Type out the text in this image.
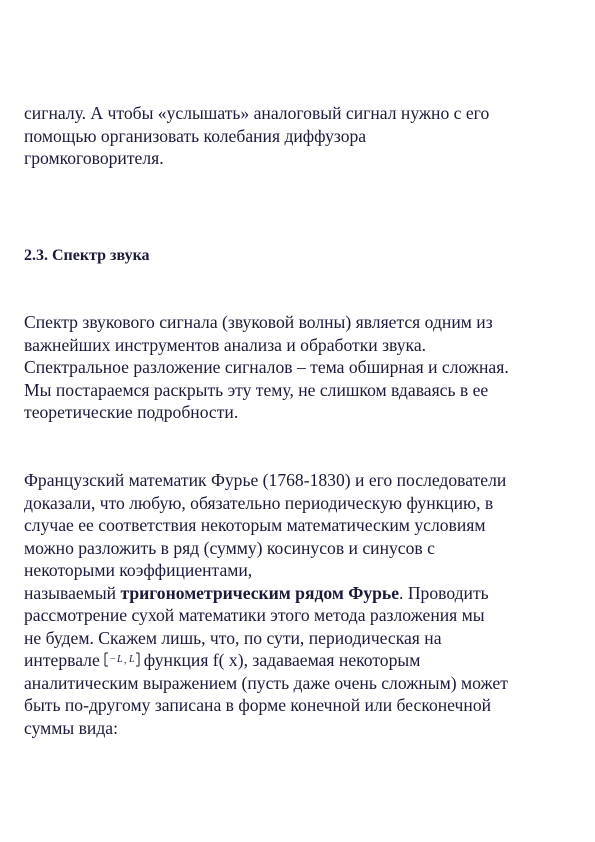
сигналу. А чтобы «услышать» аналоговый сигнал нужно с его
помощью организовать колебания диффузора
громкоговорителя.
2.3. Спектр звука
Спектр звукового сигнала (звуковой волны) является одним из
важнейших инструментов анализа и обработки звука.
Спектральное разложение сигналов – тема обширная и сложная.
Мы постараемся раскрыть эту тему, не слишком вдаваясь в ее
теоретические подробности.
Французский математик Фурье (1768-1830) и его последователи
доказали, что любую, обязательно периодическую функцию, в
случае ее соответствия некоторым математическим условиям
можно разложить в ряд (сумму) косинусов и синусов с
некоторыми коэффициентами,
называемый тригонометрическим рядом Фурье. Проводить
рассмотрение сухой математики этого метода разложения мы
не будем. Скажем лишь, что, по сути, периодическая на
интервале − L , L функция f( x), задаваемая некоторым
аналитическим выражением (пусть даже очень сложным) может
быть по-другому записана в форме конечной или бесконечной
суммы вида:
